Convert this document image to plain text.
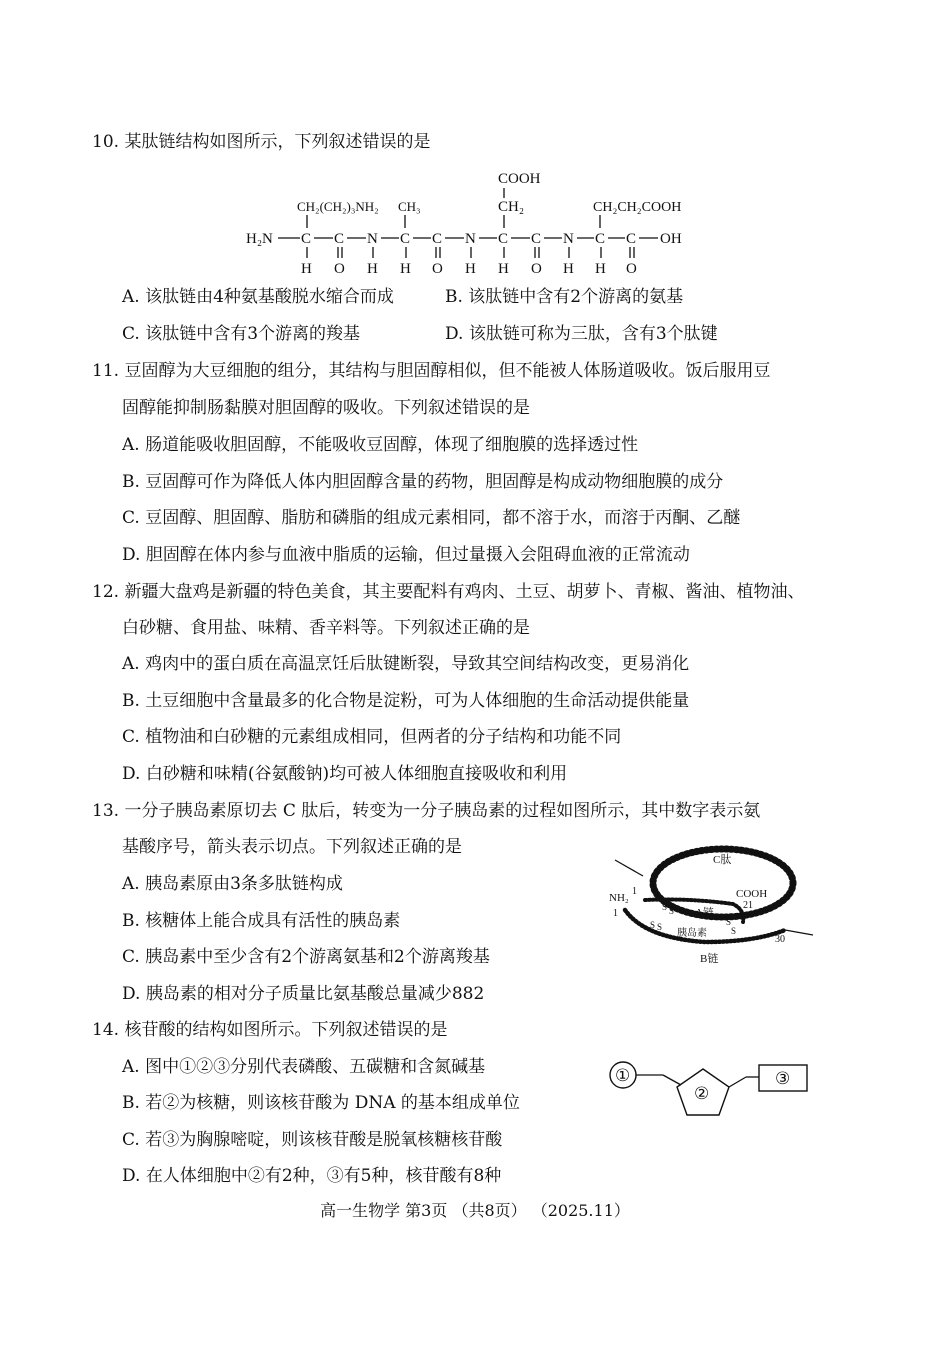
10. 某肽链结构如图所示，下列叙述错误的是
COOH
CH₂(CH₂)₃NH₂ CH₃	CH₂	CH₂CH₂COOH
H₂N C C N C C N C C N C C OH
H O H H O H H O H H O
A. 该肽链由4种氨基酸脱水缩合而成	B. 该肽链中含有2个游离的氨基
C. 该肽链中含有3个游离的羧基	D. 该肽链可称为三肽，含有3个肽键
11. 豆固醇为大豆细胞的组分，其结构与胆固醇相似，但不能被人体肠道吸收。饭后服用豆
固醇能抑制肠黏膜对胆固醇的吸收。下列叙述错误的是
A. 肠道能吸收胆固醇，不能吸收豆固醇，体现了细胞膜的选择透过性
B. 豆固醇可作为降低人体内胆固醇含量的药物，胆固醇是构成动物细胞膜的成分
C. 豆固醇、胆固醇、脂肪和磷脂的组成元素相同，都不溶于水，而溶于丙酮、乙醚
D. 胆固醇在体内参与血液中脂质的运输，但过量摄入会阻碍血液的正常流动
12. 新疆大盘鸡是新疆的特色美食，其主要配料有鸡肉、土豆、胡萝卜、青椒、酱油、植物油、
白砂糖、食用盐、味精、香辛料等。下列叙述正确的是
A. 鸡肉中的蛋白质在高温烹饪后肽键断裂，导致其空间结构改变，更易消化
B. 土豆细胞中含量最多的化合物是淀粉，可为人体细胞的生命活动提供能量
C. 植物油和白砂糖的元素组成相同，但两者的分子结构和功能不同
D. 白砂糖和味精(谷氨酸钠)均可被人体细胞直接吸收和利用
13. 一分子胰岛素原切去 C 肽后，转变为一分子胰岛素的过程如图所示，其中数字表示氨
基酸序号，箭头表示切点。下列叙述正确的是
A. 胰岛素原由3条多肽链构成
B. 核糖体上能合成具有活性的胰岛素
C. 胰岛素中至少含有2个游离氨基和2个游离羧基
D. 胰岛素的相对分子质量比氨基酸总量减少882
C肽
NH₂
1
1
COOH
21
30
A链
胰岛素
B链
S S
S S	S
S
14. 核苷酸的结构如图所示。下列叙述错误的是
A. 图中①②③分别代表磷酸、五碳糖和含氮碱基
B. 若②为核糖，则该核苷酸为 DNA 的基本组成单位
C. 若③为胸腺嘧啶，则该核苷酸是脱氧核糖核苷酸
D. 在人体细胞中②有2种，③有5种，核苷酸有8种
①
②
③
高一生物学 第3页 （共8页） （2025.11）
